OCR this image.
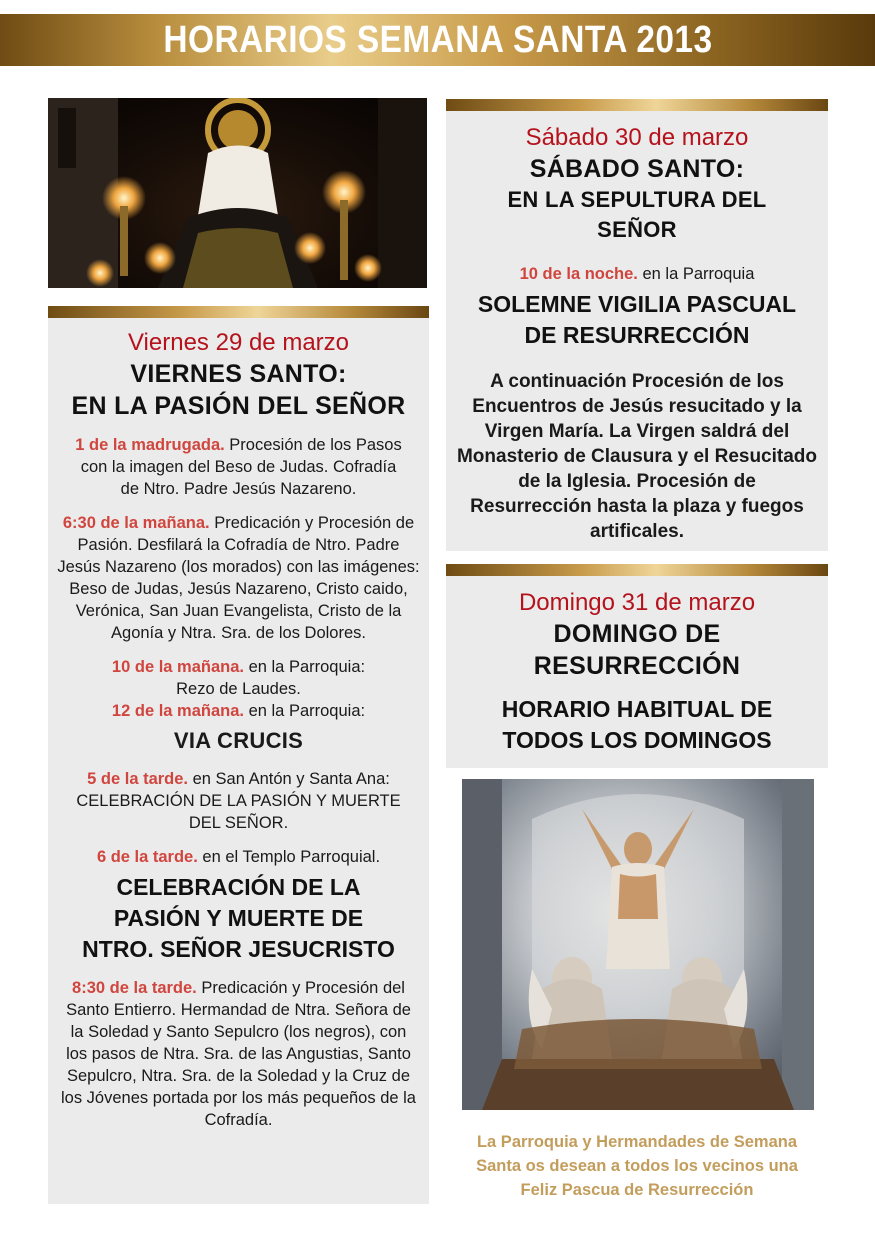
HORARIOS SEMANA SANTA 2013
Viernes 29 de marzo
VIERNES SANTO:
EN LA PASIÓN DEL SEÑOR
1 de la madrugada. Procesión de los Pasos con la imagen del Beso de Judas. Cofradía de Ntro. Padre Jesús Nazareno.
6:30 de la mañana. Predicación y Procesión de Pasión. Desfilará la Cofradía de Ntro. Padre Jesús Nazareno (los morados) con las imágenes: Beso de Judas, Jesús Nazareno, Cristo caido, Verónica, San Juan Evangelista, Cristo de la Agonía y Ntra. Sra. de los Dolores.
10 de la mañana. en la Parroquia:
Rezo de Laudes.
12 de la mañana. en la Parroquia:
VIA CRUCIS
5 de la tarde. en San Antón y Santa Ana:
CELEBRACIÓN DE LA PASIÓN Y MUERTE DEL SEÑOR.
6 de la tarde. en el Templo Parroquial.
CELEBRACIÓN DE LA
PASIÓN Y MUERTE DE
NTRO. SEÑOR JESUCRISTO
8:30 de la tarde. Predicación y Procesión del Santo Entierro. Hermandad de Ntra. Señora de la Soledad y Santo Sepulcro (los negros), con los pasos de Ntra. Sra. de las Angustias, Santo Sepulcro, Ntra. Sra. de la Soledad y la Cruz de los Jóvenes portada por los más pequeños de la Cofradía.
Sábado 30 de marzo
SÁBADO SANTO:
EN LA SEPULTURA DEL
SEÑOR
10 de la noche. en la Parroquia
SOLEMNE VIGILIA PASCUAL
DE RESURRECCIÓN
A continuación Procesión de los Encuentros de Jesús resucitado y la Virgen María. La Virgen saldrá del Monasterio de Clausura y el Resucitado de la Iglesia. Procesión de Resurrección hasta la plaza y fuegos artificales.
Domingo 31 de marzo
DOMINGO DE
RESURRECCIÓN
HORARIO HABITUAL DE
TODOS LOS DOMINGOS
La Parroquia y Hermandades de Semana
Santa os desean a todos los vecinos una
Feliz Pascua de Resurrección
